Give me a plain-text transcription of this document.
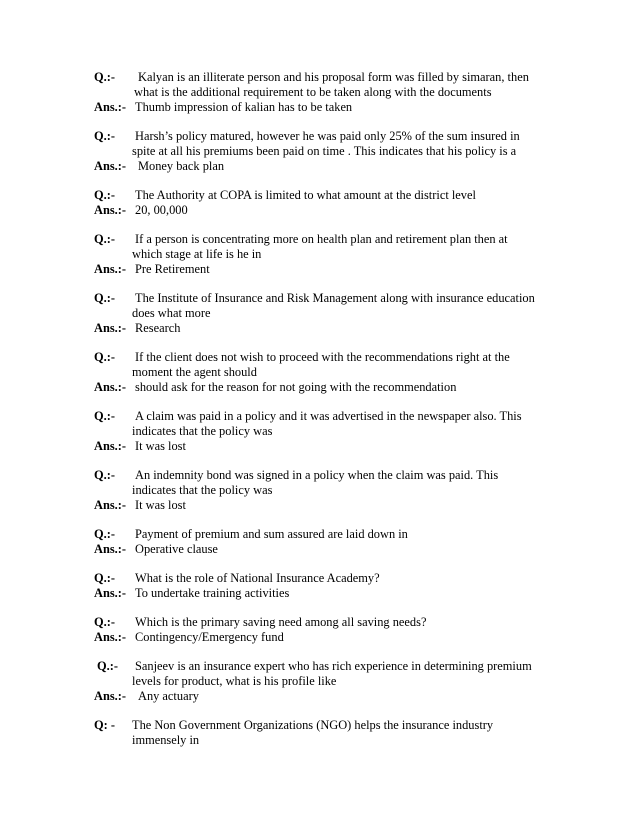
Q.:- Kalyan is an illiterate person and his proposal form was filled by simaran, then
what is the additional requirement to be taken along with the documents
Ans.:- Thumb impression of kalian has to be taken
Q.:- Harsh’s policy matured, however he was paid only 25% of the sum insured in
spite at all his premiums been paid on time . This indicates that his policy is a
Ans.:- Money back plan
Q.:- The Authority at COPA is limited to what amount at the district level
Ans.:- 20, 00,000
Q.:- If a person is concentrating more on health plan and retirement plan then at
which stage at life is he in
Ans.:- Pre Retirement
Q.:- The Institute of Insurance and Risk Management along with insurance education
does what more
Ans.:- Research
Q.:- If the client does not wish to proceed with the recommendations right at the
moment the agent should
Ans.:- should ask for the reason for not going with the recommendation
Q.:- A claim was paid in a policy and it was advertised in the newspaper also. This
indicates that the policy was
Ans.:- It was lost
Q.:- An indemnity bond was signed in a policy when the claim was paid. This
indicates that the policy was
Ans.:- It was lost
Q.:- Payment of premium and sum assured are laid down in
Ans.:- Operative clause
Q.:- What is the role of National Insurance Academy?
Ans.:- To undertake training activities
Q.:- Which is the primary saving need among all saving needs?
Ans.:- Contingency/Emergency fund
Q.:- Sanjeev is an insurance expert who has rich experience in determining premium
levels for product, what is his profile like
Ans.:- Any actuary
Q: - The Non Government Organizations (NGO) helps the insurance industry
immensely in
